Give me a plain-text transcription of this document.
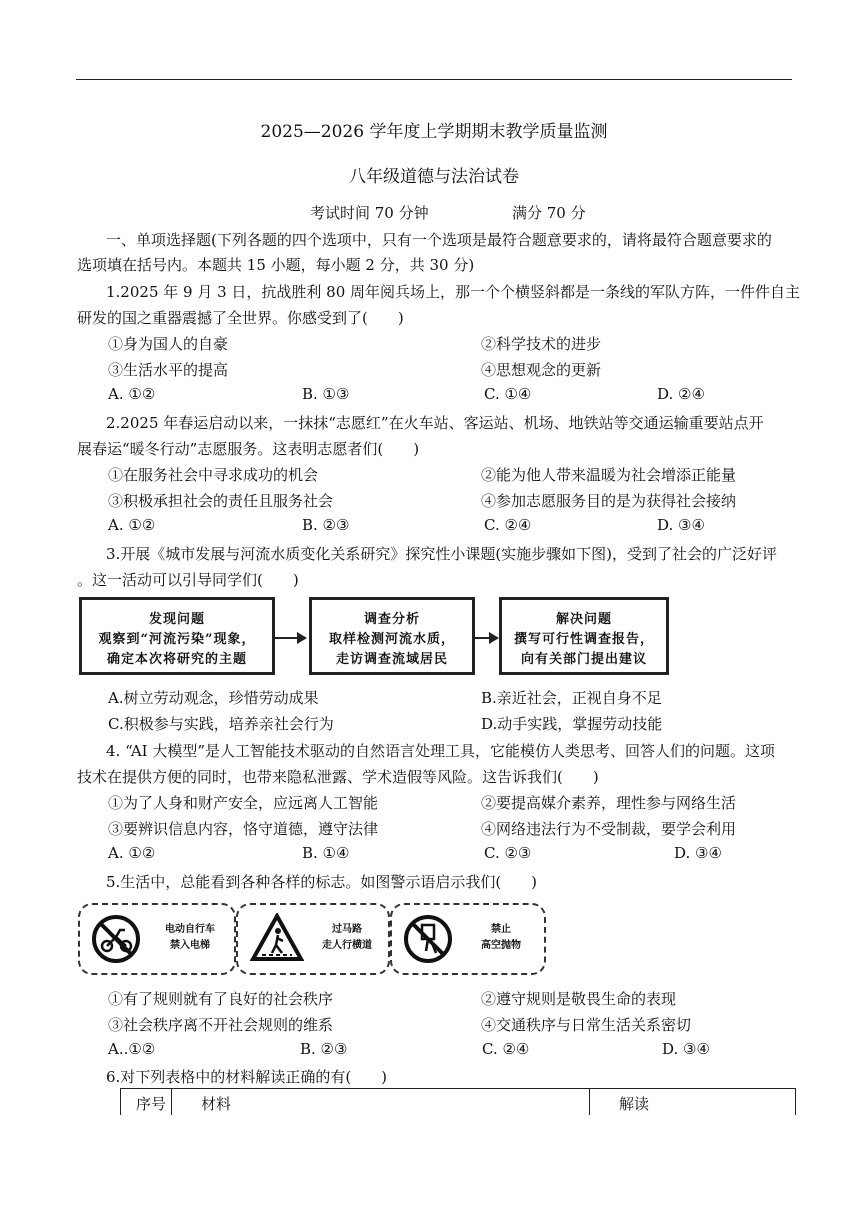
2025—2026 学年度上学期期末教学质量监测
八年级道德与法治试卷
考试时间 70 分钟	满分 70 分
一、单项选择题(下列各题的四个选项中，只有一个选项是最符合题意要求的，请将最符合题意要求的
选项填在括号内。本题共 15 小题，每小题 2 分，共 30 分)
1.2025 年 9 月 3 日，抗战胜利 80 周年阅兵场上，那一个个横竖斜都是一条线的军队方阵，一件件自主
研发的国之重器震撼了全世界。你感受到了(　　)
①身为国人的自豪	②科学技术的进步
③生活水平的提高	④思想观念的更新
A. ①②	B. ①③	C. ①④	D. ②④
2.2025 年春运启动以来，一抹抹“志愿红”在火车站、客运站、机场、地铁站等交通运输重要站点开
展春运“暖冬行动”志愿服务。这表明志愿者们(　　)
①在服务社会中寻求成功的机会	②能为他人带来温暖为社会增添正能量
③积极承担社会的责任且服务社会	④参加志愿服务目的是为获得社会接纳
A. ①②	B. ②③	C. ②④	D. ③④
3.开展《城市发展与河流水质变化关系研究》探究性小课题(实施步骤如下图)，受到了社会的广泛好评
。这一活动可以引导同学们(　　)
发现问题
观察到“河流污染”现象，
确定本次将研究的主题
调查分析
取样检测河流水质，
走访调查流域居民
解决问题
撰写可行性调查报告，
向有关部门提出建议
A.树立劳动观念，珍惜劳动成果	B.亲近社会，正视自身不足
C.积极参与实践，培养亲社会行为	D.动手实践，掌握劳动技能
4. “AI 大模型”是人工智能技术驱动的自然语言处理工具，它能模仿人类思考、回答人们的问题。这项
技术在提供方便的同时，也带来隐私泄露、学术造假等风险。这告诉我们(　　)
①为了人身和财产安全，应远离人工智能	②要提高媒介素养，理性参与网络生活
③要辨识信息内容，恪守道德，遵守法律	④网络违法行为不受制裁，要学会利用
A. ①②	B. ①④	C. ②③	D. ③④
5.生活中，总能看到各种各样的标志。如图警示语启示我们(　　)
电动自行车
禁入电梯
过马路
走人行横道
禁止
高空抛物
①有了规则就有了良好的社会秩序	②遵守规则是敬畏生命的表现
③社会秩序离不开社会规则的维系	④交通秩序与日常生活关系密切
A..①②	B. ②③	C. ②④	D. ③④
6.对下列表格中的材料解读正确的有(　　)
序号 材料	解读
